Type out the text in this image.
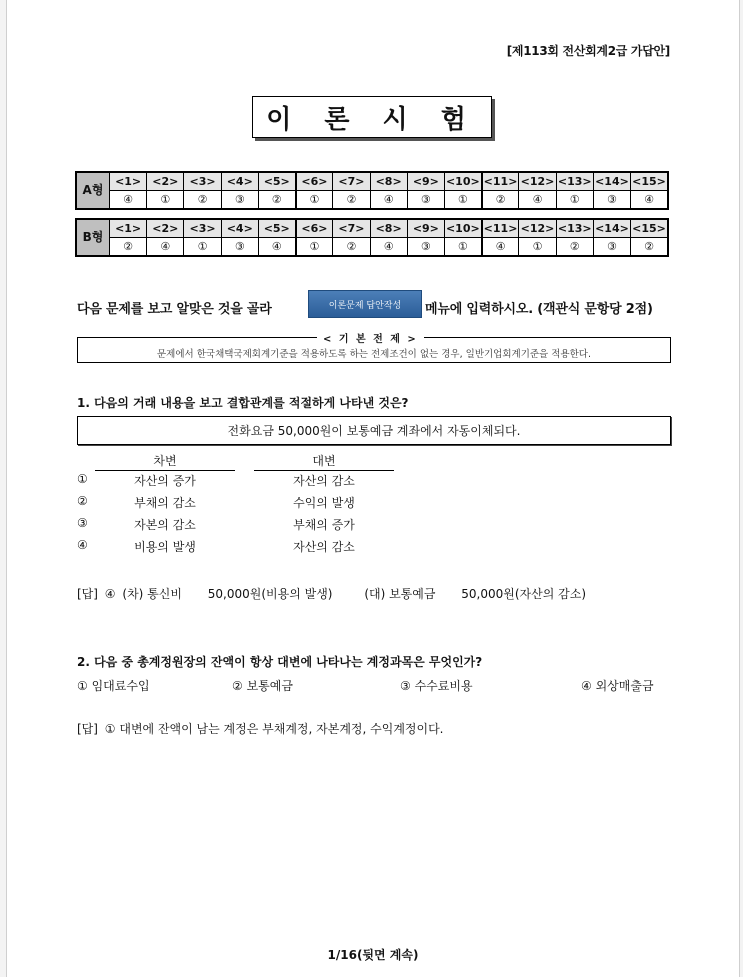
[제113회 전산회계2급 가답안]
이 론 시 험
A형	<1>	<2>	<3>	<4>	<5>	<6>	<7>	<8>	<9>	<10>	<11>	<12>	<13>	<14>	<15>
	④	①	②	③	②	①	②	④	③	①	②	④	①	③	④
B형	<1>	<2>	<3>	<4>	<5>	<6>	<7>	<8>	<9>	<10>	<11>	<12>	<13>	<14>	<15>
	②	④	①	③	④	①	②	④	③	①	④	①	②	③	②
다음 문제를 보고 알맞은 것을 골라	이론문제 답안작성	메뉴에 입력하시오. (객관식 문항당 2점)
문제에서 한국채택국제회계기준을 적용하도록 하는 전제조건이 없는 경우, 일반기업회계기준을 적용한다.
< 기 본 전 제 >
1. 다음의 거래 내용을 보고 결합관계를 적절하게 나타낸 것은?
전화요금 50,000원이 보통예금 계좌에서 자동이체되다.
차변	대변
①	자산의 증가	자산의 감소
②	부채의 감소	수익의 발생
③	자본의 감소	부채의 증가
④	비용의 발생	자산의 감소
[답] ④ (차) 통신비 50,000원(비용의 발생)	(대) 보통예금 50,000원(자산의 감소)
2. 다음 중 총계정원장의 잔액이 항상 대변에 나타나는 계정과목은 무엇인가?
① 임대료수입	② 보통예금	③ 수수료비용	④ 외상매출금
[답] ① 대변에 잔액이 남는 계정은 부채계정, 자본계정, 수익계정이다.
1/16(뒷면 계속)
